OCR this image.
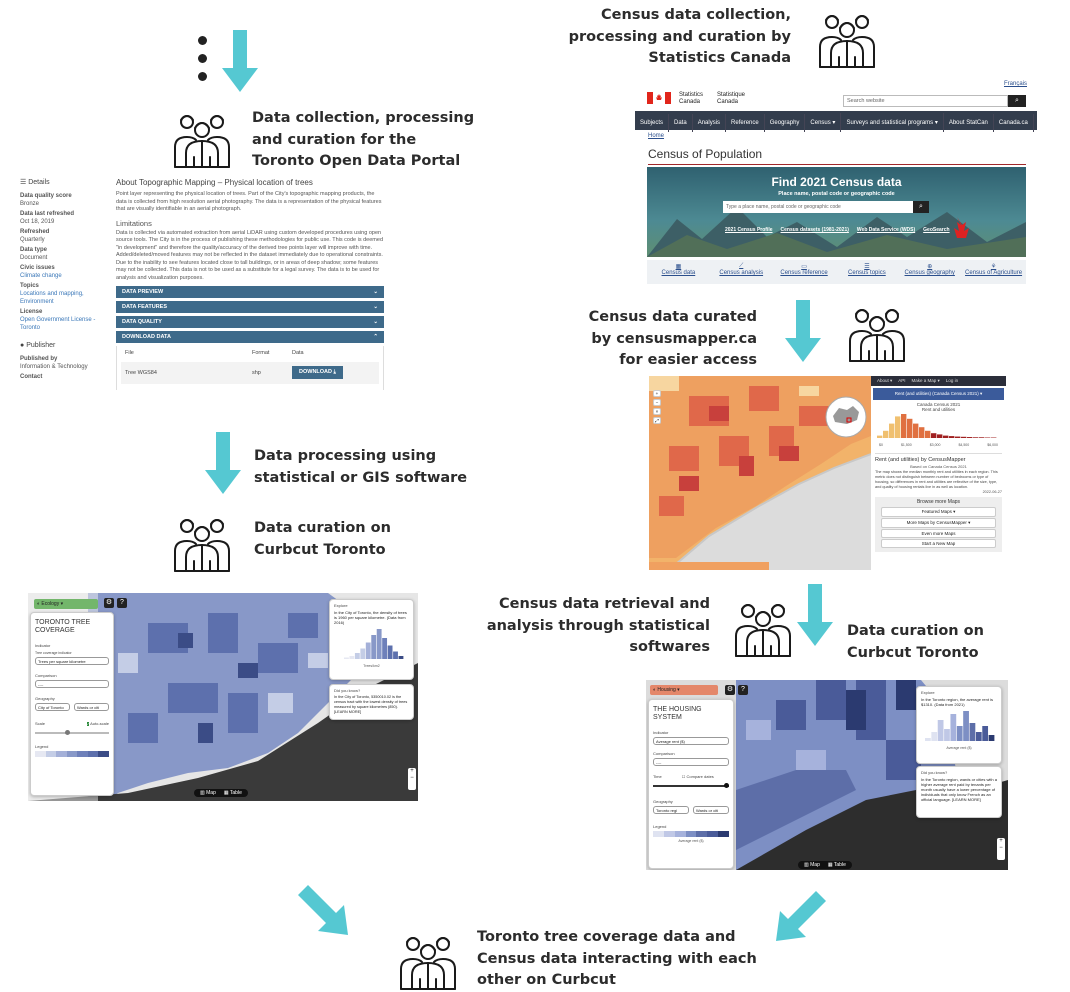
Data collection, processing
and curation for the
Toronto Open Data Portal
Census data collection,
processing and curation by
Statistics Canada
Census data curated
by censusmapper.ca
for easier access
Data processing using
statistical or GIS software
Data curation on
Curbcut Toronto
Census data retrieval and
analysis through statistical
softwares
Data curation on
Curbcut Toronto
Toronto tree coverage data and
Census data interacting with each
other on Curbcut
☰ Details
Data quality score
Bronze
Data last refreshed
Oct 18, 2019
Refreshed
Quarterly
Data type
Document
Civic issues
Climate change
Topics
Locations and mapping, Environment
License
Open Government License - Toronto
● Publisher
Published by
Information & Technology
Contact
About Topographic Mapping – Physical location of trees
Point layer representing the physical location of trees. Part of the City's topographic mapping products, the data is collected from high resolution aerial photography. The data is a representation of the physical features that are visually identifiable in an aerial photograph.
Limitations
Data is collected via automated extraction from aerial LiDAR using custom developed procedures using open source tools. The City is in the process of publishing these methodologies for public use. This code is deemed "in development" and therefore the quality/accuracy of the derived tree points layer will improve with time. Added/deleted/moved features may not be reflected in the dataset immediately due to operational constraints. Due to the inability to see features located close to tall buildings, or in areas of deep shadow; some features may not be collected. This data is not to be used as a substitute for a legal survey. The data is to be used for analysis and visualization purposes.
DATA PREVIEW	⌄
DATA FEATURES	⌄
DATA QUALITY	⌄
DOWNLOAD DATA	⌃
File	Format	Data
Tree WGS84	shp	DOWNLOAD ⤓
Français
Statistics Canada
Statistique Canada	Search website	⌕
Subjects Data Analysis Reference Geography Census ▾ Surveys and statistical programs ▾ About StatCan Canada.ca
Home
Census of Population
Find 2021 Census data
Place name, postal code or geographic code
Type a place name, postal code or geographic code	⌕
2021 Census Profile Census datasets (1981-2021) Web Data Service (WDS) GeoSearch
▦
Census data
⟋
Census analysis
▭
Census reference
☰
Census topics
⊕
Census geography
⚘
Census of Agriculture
+
−
×
⤢
About ▾ API Make a Map ▾ Log in
Rent (and utilities) (Canada Census 2021) ▾
Canada Census 2021
Rent and utilities
$0	$1,500	$3,000	$4,500	$6,000
Rent (and utilities) by CensusMapper
Based on Canada Census 2021
The map shows the median monthly rent and utilities in each region. This metric does not distinguish between number of bedrooms or type of housing, so differences in rent and utilities are reflective of the size, type, and quality of housing rentals live in as well as location.
2022-06-27
Browse more Maps
Featured Maps ▾
More Maps by CensusMapper ▾
Even more Maps
Start a New Map
◐ Ecology ▾	⚙	?
TORONTO TREE COVERAGE
Indicator
Tree coverage indicator
Trees per square kilometre
Comparison
----
Geography
City of Toronto	Wards or citi
Scale	✓ Auto-scale
Legend
Explore
In the City of Toronto, the density of trees is 1960 per square kilometre. (Data from 2016)
Trees/km2
Did you know?
In the City of Toronto, 5350010.02 is the census tract with the lowest density of trees measured by square kilometres (850). [LEARN MORE]
+
−
▥ Map ▦ Table
◐ Housing ▾	⚙	?
THE HOUSING SYSTEM
Indicator
Average rent ($)
Comparison
----
Time	☐ Compare dates
Geography
Toronto regi	Wards or citi
Legend
Average rent ($)
Explore
In the Toronto region, the average rent is $1310. (Data from 2021)
Average rent ($)
Did you know?
In the Toronto region, wards or cities with a higher average rent paid by tenants per month usually have a lower percentage of individuals that only know French as an official language. [LEARN MORE]
+
−
▥ Map ▦ Table
